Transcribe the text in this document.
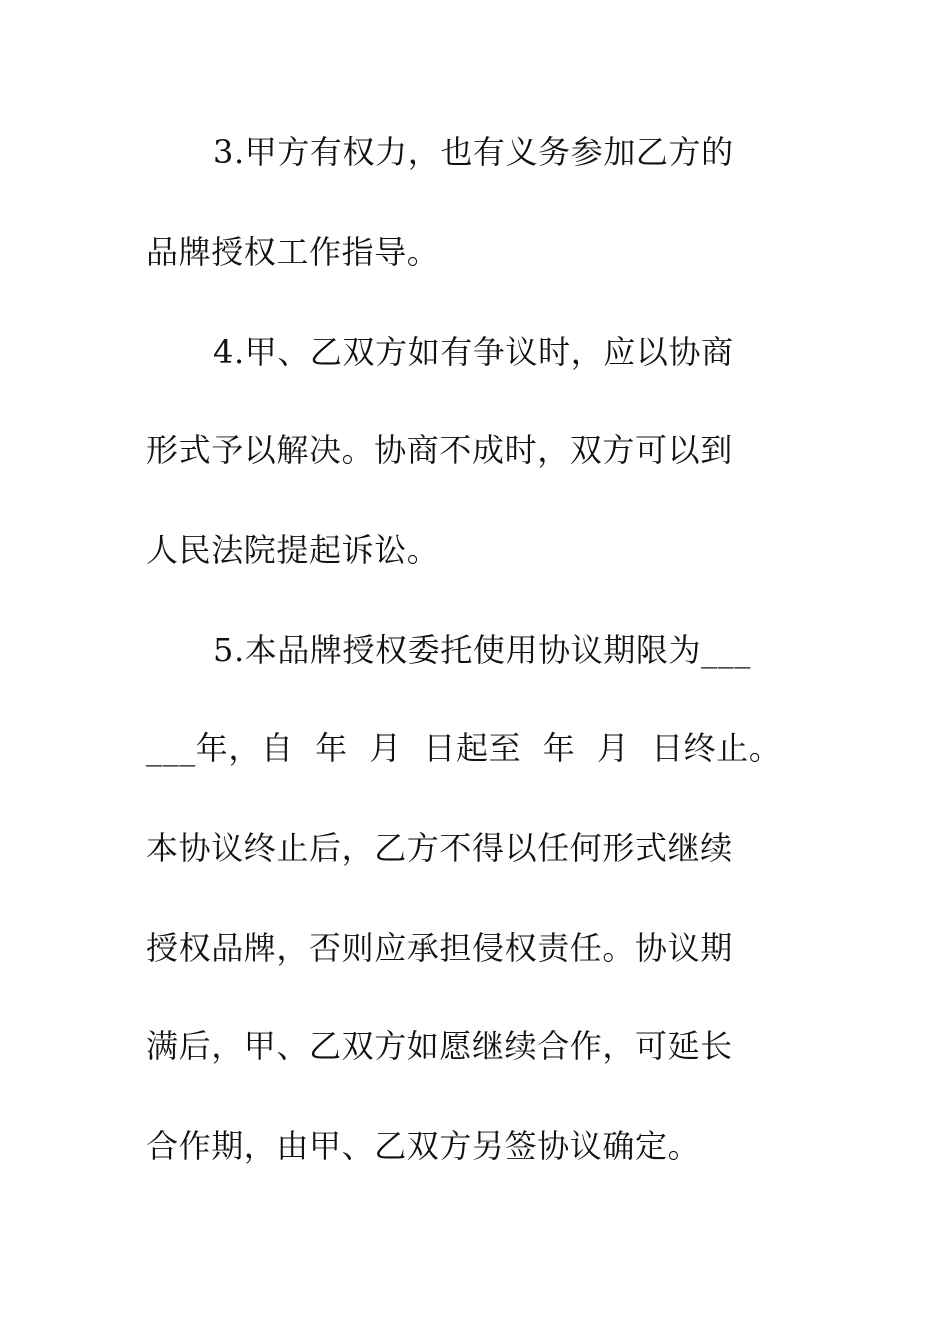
3.甲方有权力，也有义务参加乙方的
品牌授权工作指导。
4.甲、乙双方如有争议时，应以协商
形式予以解决。协商不成时，双方可以到
人民法院提起诉讼。
5.本品牌授权委托使用协议期限为___
___年，自  年  月  日起至  年  月  日终止。
本协议终止后，乙方不得以任何形式继续
授权品牌，否则应承担侵权责任。协议期
满后，甲、乙双方如愿继续合作，可延长
合作期，由甲、乙双方另签协议确定。
